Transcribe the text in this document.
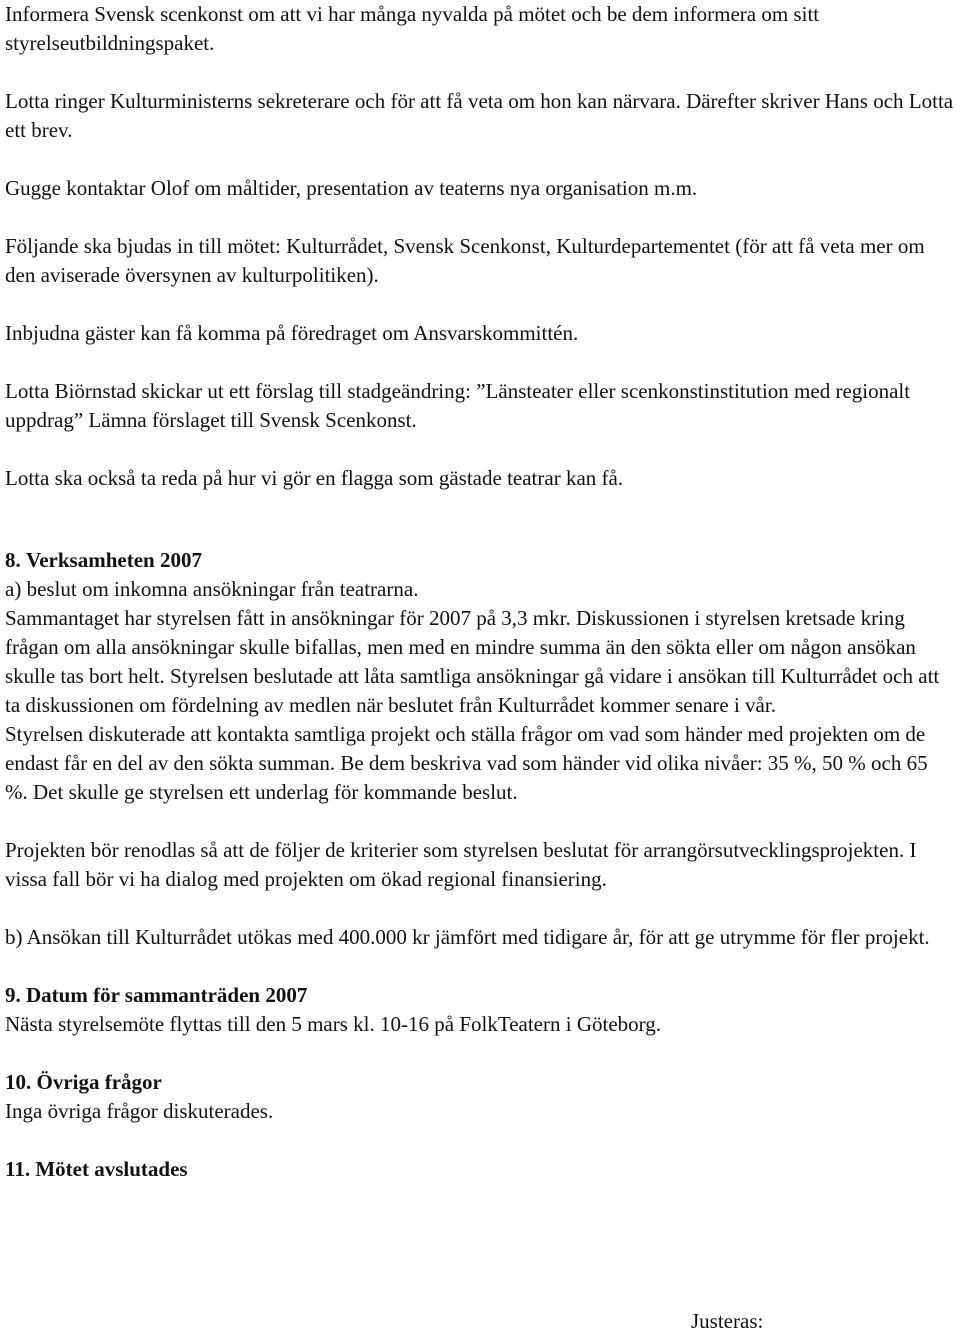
Informera Svensk scenkonst om att vi har många nyvalda på mötet och be dem informera om sitt styrelseutbildningspaket.

Lotta ringer Kulturministerns sekreterare och för att få veta om hon kan närvara. Därefter skriver Hans och Lotta ett brev.

Gugge kontaktar Olof om måltider, presentation av teaterns nya organisation m.m.

Följande ska bjudas in till mötet: Kulturrådet, Svensk Scenkonst, Kulturdepartementet (för att få veta mer om den aviserade översynen av kulturpolitiken).

Inbjudna gäster kan få komma på föredraget om Ansvarskommittén.

Lotta Biörnstad skickar ut ett förslag till stadgeändring: ”Länsteater eller scenkonstinstitution med regionalt uppdrag” Lämna förslaget till Svensk Scenkonst.

Lotta ska också ta reda på hur vi gör en flagga som gästade teatrar kan få.

8. Verksamheten 2007

a) beslut om inkomna ansökningar från teatrarna.

Sammantaget har styrelsen fått in ansökningar för 2007 på 3,3 mkr. Diskussionen i styrelsen kretsade kring frågan om alla ansökningar skulle bifallas, men med en mindre summa än den sökta eller om någon ansökan skulle tas bort helt. Styrelsen beslutade att låta samtliga ansökningar gå vidare i ansökan till Kulturrådet och att ta diskussionen om fördelning av medlen när beslutet från Kulturrådet kommer senare i vår.

Styrelsen diskuterade att kontakta samtliga projekt och ställa frågor om vad som händer med projekten om de endast får en del av den sökta summan. Be dem beskriva vad som händer vid olika nivåer: 35 %, 50 % och 65 %. Det skulle ge styrelsen ett underlag för kommande beslut.

Projekten bör renodlas så att de följer de kriterier som styrelsen beslutat för arrangörsutvecklingsprojekten. I vissa fall bör vi ha dialog med projekten om ökad regional finansiering.

b) Ansökan till Kulturrådet utökas med 400.000 kr jämfört med tidigare år, för att ge utrymme för fler projekt.

9. Datum för sammanträden 2007

Nästa styrelsemöte flyttas till den 5 mars kl. 10-16 på FolkTeatern i Göteborg.

10. Övriga frågor

Inga övriga frågor diskuterades.

11. Mötet avslutades

Justeras:
